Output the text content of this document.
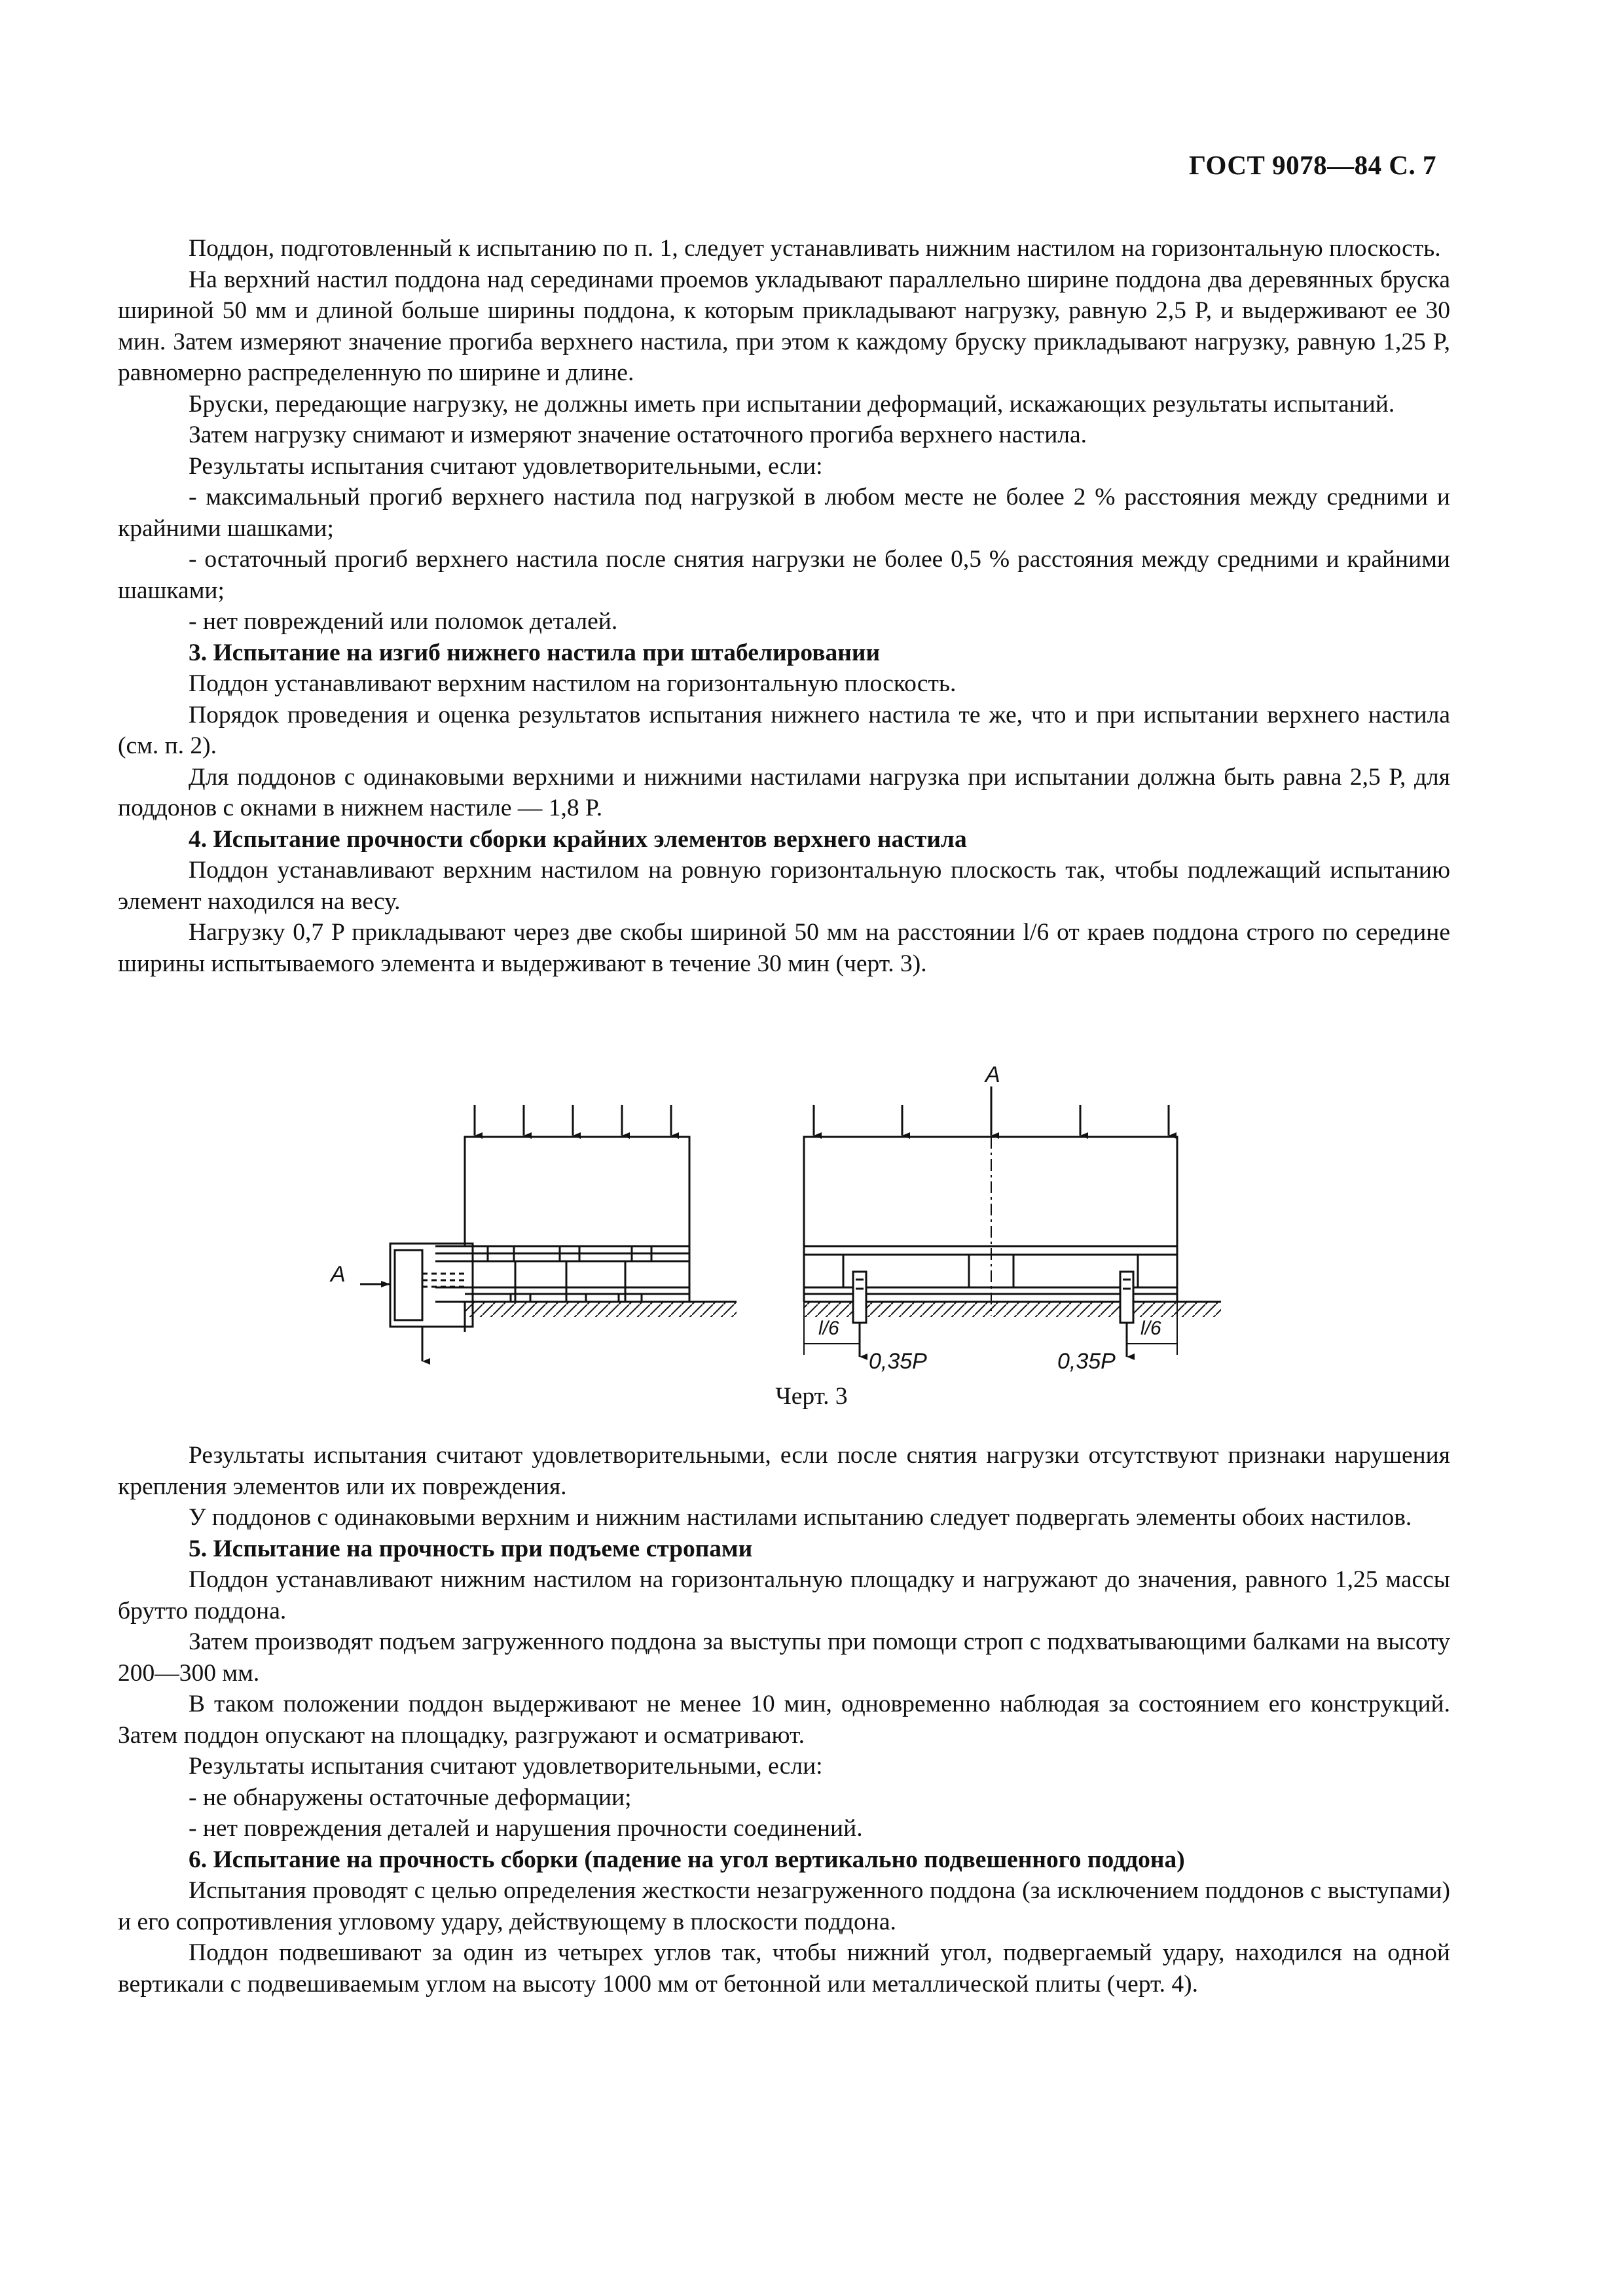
ГОСТ 9078—84 С. 7

Поддон, подготовленный к испытанию по п. 1, следует устанавливать нижним настилом на горизонтальную плоскость.

На верхний настил поддона над серединами проемов укладывают параллельно ширине поддона два деревянных бруска шириной 50 мм и длиной больше ширины поддона, к которым прикладывают нагрузку, равную 2,5 P, и выдерживают ее 30 мин. Затем измеряют значение прогиба верхнего настила, при этом к каждому бруску прикладывают нагрузку, равную 1,25 P, равномерно распределенную по ширине и длине.

Бруски, передающие нагрузку, не должны иметь при испытании деформаций, искажающих результаты испытаний.

Затем нагрузку снимают и измеряют значение остаточного прогиба верхнего настила.

Результаты испытания считают удовлетворительными, если:

- максимальный прогиб верхнего настила под нагрузкой в любом месте не более 2 % расстояния между средними и крайними шашками;

- остаточный прогиб верхнего настила после снятия нагрузки не более 0,5 % расстояния между средними и крайними шашками;

- нет повреждений или поломок деталей.

3. Испытание на изгиб нижнего настила при штабелировании

Поддон устанавливают верхним настилом на горизонтальную плоскость.

Порядок проведения и оценка результатов испытания нижнего настила те же, что и при испытании верхнего настила (см. п. 2).

Для поддонов с одинаковыми верхними и нижними настилами нагрузка при испытании должна быть равна 2,5 P, для поддонов с окнами в нижнем настиле — 1,8 P.

4. Испытание прочности сборки крайних элементов верхнего настила

Поддон устанавливают верхним настилом на ровную горизонтальную плоскость так, чтобы подлежащий испытанию элемент находился на весу.

Нагрузку 0,7 P прикладывают через две скобы шириной 50 мм на расстоянии l/6 от краев поддона строго по середине ширины испытываемого элемента и выдерживают в течение 30 мин (черт. 3).

A
A
l/6	l/6
0,35P	0,35P
Черт. 3

Результаты испытания считают удовлетворительными, если после снятия нагрузки отсутствуют признаки нарушения крепления элементов или их повреждения.

У поддонов с одинаковыми верхним и нижним настилами испытанию следует подвергать элементы обоих настилов.

5. Испытание на прочность при подъеме стропами

Поддон устанавливают нижним настилом на горизонтальную площадку и нагружают до значения, равного 1,25 массы брутто поддона.

Затем производят подъем загруженного поддона за выступы при помощи строп с подхватывающими балками на высоту 200—300 мм.

В таком положении поддон выдерживают не менее 10 мин, одновременно наблюдая за состоянием его конструкций. Затем поддон опускают на площадку, разгружают и осматривают.

Результаты испытания считают удовлетворительными, если:

- не обнаружены остаточные деформации;

- нет повреждения деталей и нарушения прочности соединений.

6. Испытание на прочность сборки (падение на угол вертикально подвешенного поддона)

Испытания проводят с целью определения жесткости незагруженного поддона (за исключением поддонов с выступами) и его сопротивления угловому удару, действующему в плоскости поддона.

Поддон подвешивают за один из четырех углов так, чтобы нижний угол, подвергаемый удару, находился на одной вертикали с подвешиваемым углом на высоту 1000 мм от бетонной или металлической плиты (черт. 4).
